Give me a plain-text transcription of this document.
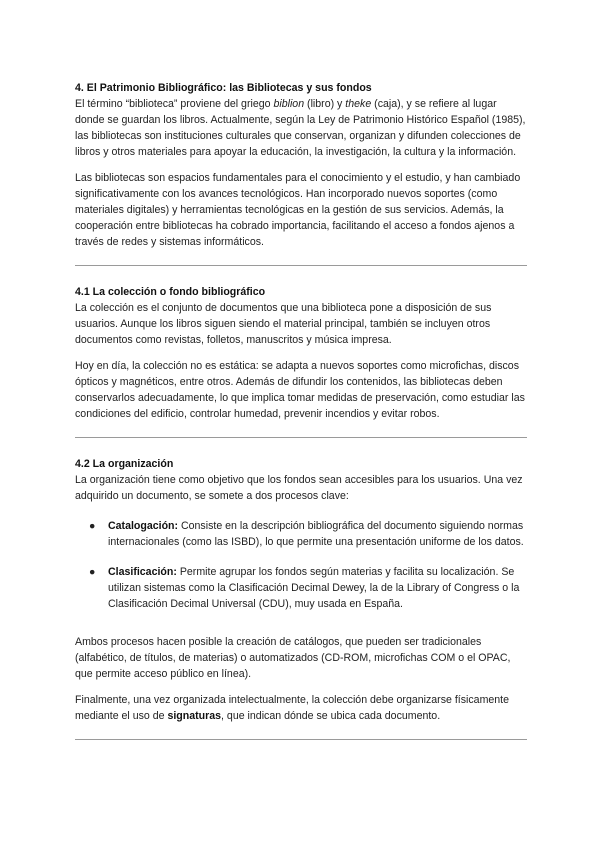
4. El Patrimonio Bibliográfico: las Bibliotecas y sus fondos

El término “biblioteca” proviene del griego biblion (libro) y theke (caja), y se refiere al lugar donde se guardan los libros. Actualmente, según la Ley de Patrimonio Histórico Español (1985), las bibliotecas son instituciones culturales que conservan, organizan y difunden colecciones de libros y otros materiales para apoyar la educación, la investigación, la cultura y la información.

Las bibliotecas son espacios fundamentales para el conocimiento y el estudio, y han cambiado significativamente con los avances tecnológicos. Han incorporado nuevos soportes (como materiales digitales) y herramientas tecnológicas en la gestión de sus servicios. Además, la cooperación entre bibliotecas ha cobrado importancia, facilitando el acceso a fondos ajenos a través de redes y sistemas informáticos.

4.1 La colección o fondo bibliográfico

La colección es el conjunto de documentos que una biblioteca pone a disposición de sus usuarios. Aunque los libros siguen siendo el material principal, también se incluyen otros documentos como revistas, folletos, manuscritos y música impresa.

Hoy en día, la colección no es estática: se adapta a nuevos soportes como microfichas, discos ópticos y magnéticos, entre otros. Además de difundir los contenidos, las bibliotecas deben conservarlos adecuadamente, lo que implica tomar medidas de preservación, como estudiar las condiciones del edificio, controlar humedad, prevenir incendios y evitar robos.

4.2 La organización

La organización tiene como objetivo que los fondos sean accesibles para los usuarios. Una vez adquirido un documento, se somete a dos procesos clave:

● Catalogación: Consiste en la descripción bibliográfica del documento siguiendo normas internacionales (como las ISBD), lo que permite una presentación uniforme de los datos.
● Clasificación: Permite agrupar los fondos según materias y facilita su localización. Se utilizan sistemas como la Clasificación Decimal Dewey, la de la Library of Congress o la Clasificación Decimal Universal (CDU), muy usada en España.

Ambos procesos hacen posible la creación de catálogos, que pueden ser tradicionales (alfabético, de títulos, de materias) o automatizados (CD-ROM, microfichas COM o el OPAC, que permite acceso público en línea).

Finalmente, una vez organizada intelectualmente, la colección debe organizarse físicamente mediante el uso de signaturas, que indican dónde se ubica cada documento.
